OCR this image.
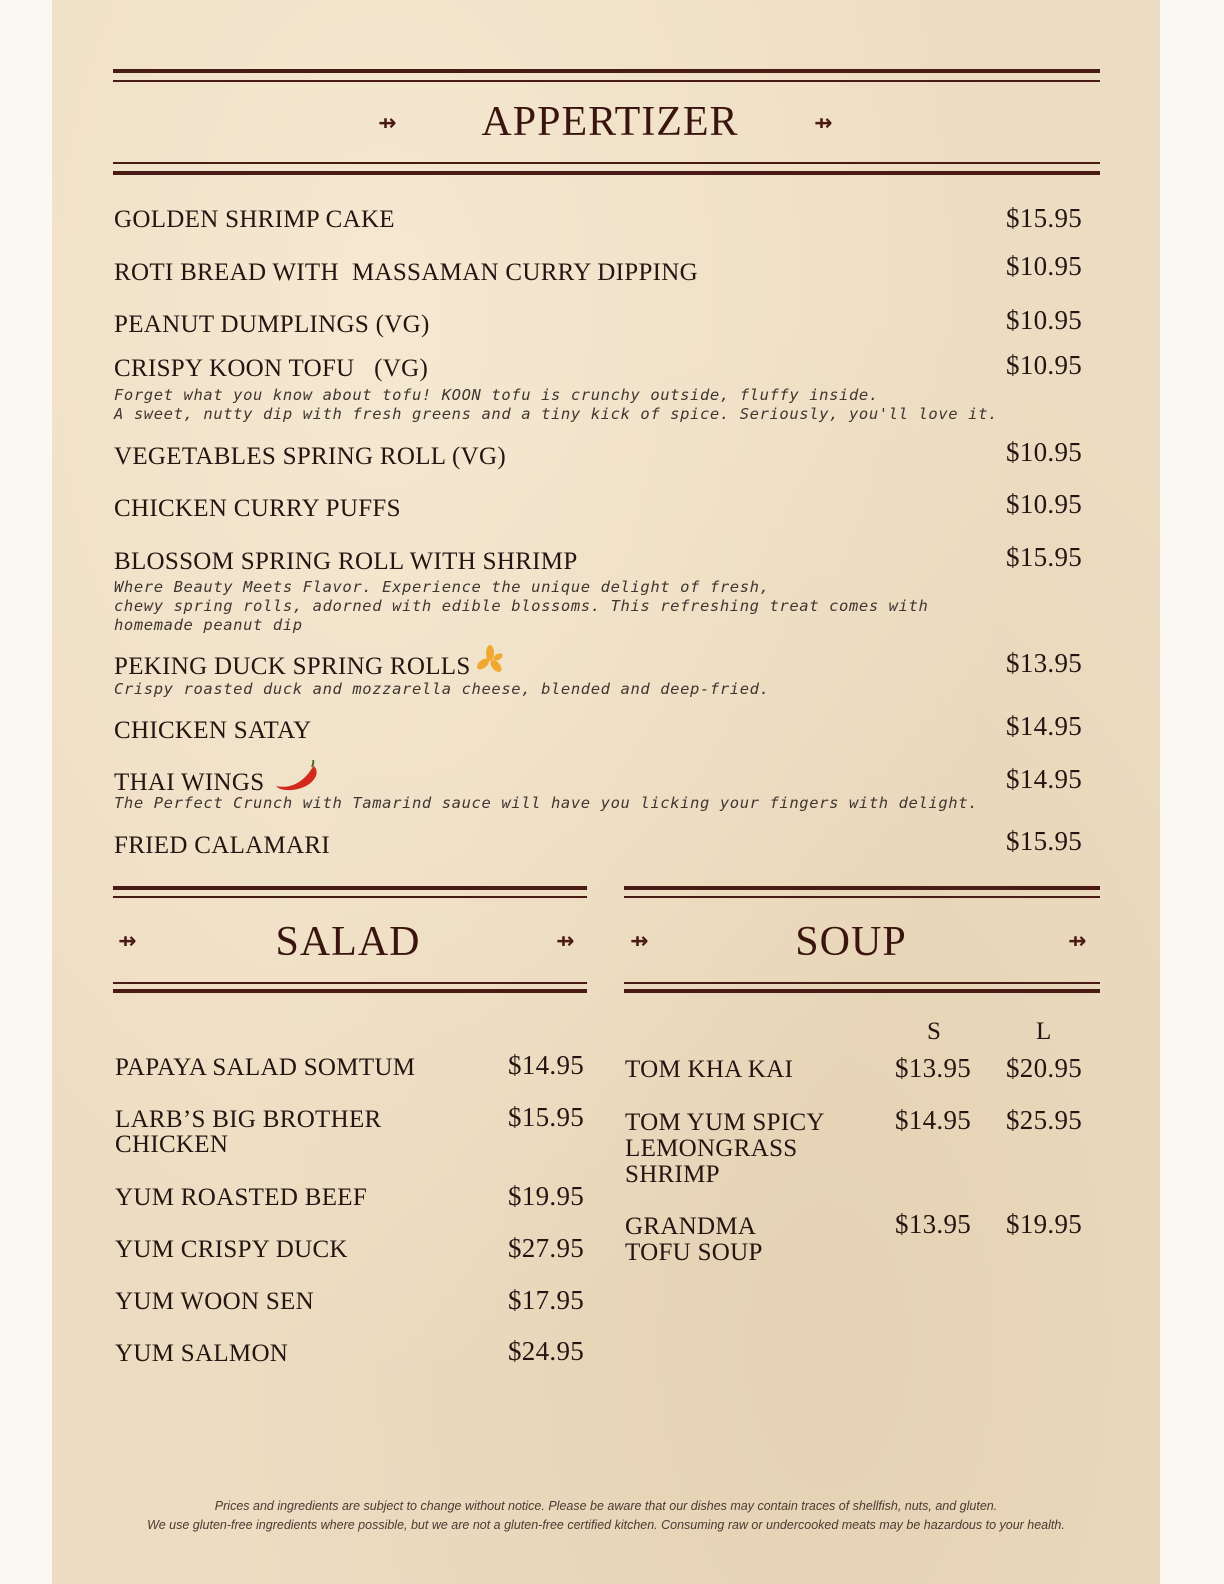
⇸	APPERTIZER	⇸
GOLDEN SHRIMP CAKE	$15.95
ROTI BREAD WITH  MASSAMAN CURRY DIPPING	$10.95
PEANUT DUMPLINGS (VG)	$10.95
CRISPY KOON TOFU   (VG)	$10.95
Forget what you know about tofu! KOON tofu is crunchy outside, fluffy inside.
A sweet, nutty dip with fresh greens and a tiny kick of spice. Seriously, you'll love it.
VEGETABLES SPRING ROLL (VG)	$10.95
CHICKEN CURRY PUFFS	$10.95
BLOSSOM SPRING ROLL WITH SHRIMP	$15.95
Where Beauty Meets Flavor. Experience the unique delight of fresh,
chewy spring rolls, adorned with edible blossoms. This refreshing treat comes with
homemade peanut dip
PEKING DUCK SPRING ROLLS	$13.95
Crispy roasted duck and mozzarella cheese, blended and deep-fried.
CHICKEN SATAY	$14.95
THAI WINGS	$14.95
The Perfect Crunch with Tamarind sauce will have you licking your fingers with delight.
FRIED CALAMARI	$15.95
⇸	SALAD	⇸	⇸	SOUP	⇸
PAPAYA SALAD SOMTUM	$14.95
LARB’S BIG BROTHER
CHICKEN
$15.95
YUM ROASTED BEEF	$19.95
YUM CRISPY DUCK	$27.95
YUM WOON SEN	$17.95
YUM SALMON	$24.95
S	L
TOM KHA KAI	$13.95 $20.95
TOM YUM SPICY
LEMONGRASS
SHRIMP
$14.95 $25.95
GRANDMA
TOFU SOUP
$13.95 $19.95
Prices and ingredients are subject to change without notice. Please be aware that our dishes may contain traces of shellfish, nuts, and gluten.
We use gluten-free ingredients where possible, but we are not a gluten-free certified kitchen. Consuming raw or undercooked meats may be hazardous to your health.
